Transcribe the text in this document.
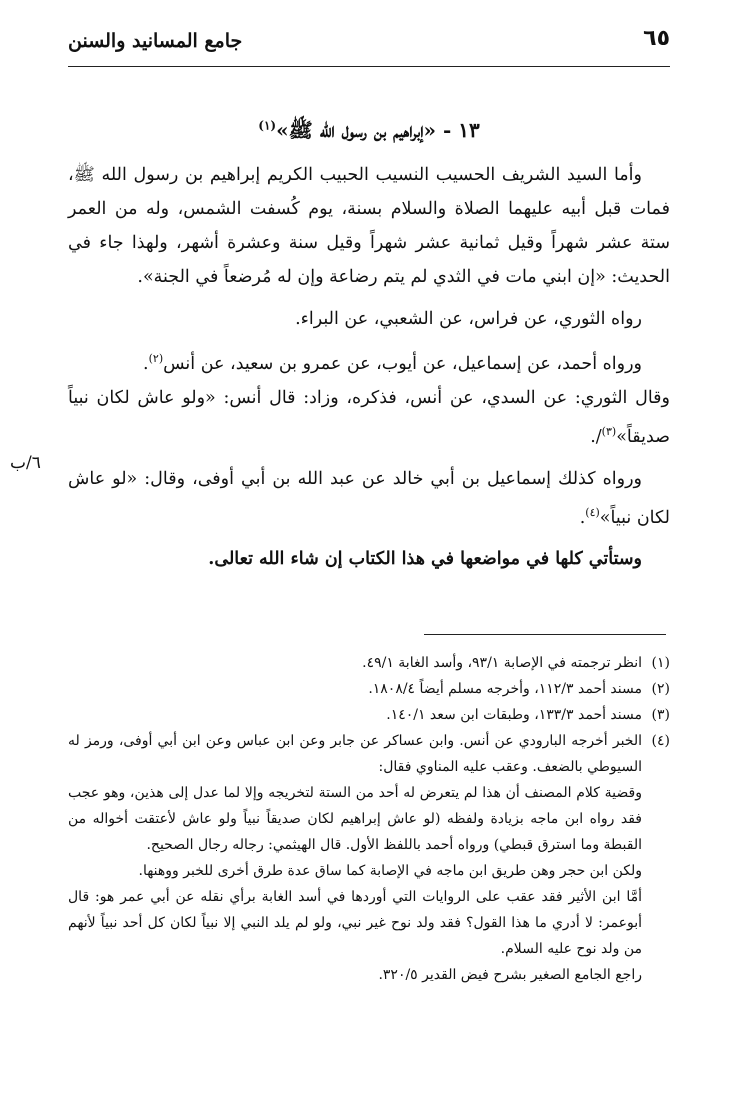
٦٥
جامع المسانيد والسنن
١٣ - «إبراهيم بن رسول الله ﷺ»$^{(١)}$

وأما السيد الشريف الحسيب النسيب الحبيب الكريم إبراهيم بن رسول الله ﷺ، فمات قبل أبيه عليهما الصلاة والسلام بسنة، يوم كُسفت الشمس، وله من العمر ستة عشر شهراً وقيل ثمانية عشر شهراً وقيل سنة وعشرة أشهر، ولهذا جاء في الحديث: «إن ابني مات في الثدي لم يتم رضاعة وإن له مُرضعاً في الجنة».

رواه الثوري، عن فراس، عن الشعبي، عن البراء.

ورواه أحمد، عن إسماعيل، عن أيوب، عن عمرو بن سعيد، عن أنس$^{(٢)}$.

وقال الثوري: عن السدي، عن أنس، فذكره، وزاد: قال أنس: «ولو عاش لكان نبياً صديقاً»$^{(٣)}$/.

ورواه كذلك إسماعيل بن أبي خالد عن عبد الله بن أبي أوفى، وقال: «لو عاش لكان نبياً»$^{(٤)}$.

وستأتي كلها في مواضعها في هذا الكتاب إن شاء الله تعالى.

٦/ب
(١)
انظر ترجمته في الإصابة ٩٣/١، وأسد الغابة ٤٩/١.
(٢)
مسند أحمد ١١٢/٣، وأخرجه مسلم أيضاً ١٨٠٨/٤.
(٣)
مسند أحمد ١٣٣/٣، وطبقات ابن سعد ١٤٠/١.
(٤)
الخبر أخرجه البارودي عن أنس. وابن عساكر عن جابر وعن ابن عباس وعن ابن أبي أوفى، ورمز له السيوطي بالضعف. وعقب عليه المناوي فقال:
وقضية كلام المصنف أن هذا لم يتعرض له أحد من الستة لتخريجه وإلا لما عدل إلى هذين، وهو عجب فقد رواه ابن ماجه بزيادة ولفظه (لو عاش إبراهيم لكان صديقاً نبياً ولو عاش لأعتقت أخواله من القبطة وما استرق قبطي) ورواه أحمد باللفظ الأول. قال الهيثمي: رجاله رجال الصحيح.
ولكن ابن حجر وهن طريق ابن ماجه في الإصابة كما ساق عدة طرق أخرى للخبر ووهنها.
أمَّا ابن الأثير فقد عقب على الروايات التي أوردها في أسد الغابة برأي نقله عن أبي عمر هو: قال أبوعمر: لا أدري ما هذا القول؟ فقد ولد نوح غير نبي، ولو لم يلد النبي إلا نبياً لكان كل أحد نبياً لأنهم من ولد نوح عليه السلام.
راجع الجامع الصغير بشرح فيض القدير ٣٢٠/٥.
